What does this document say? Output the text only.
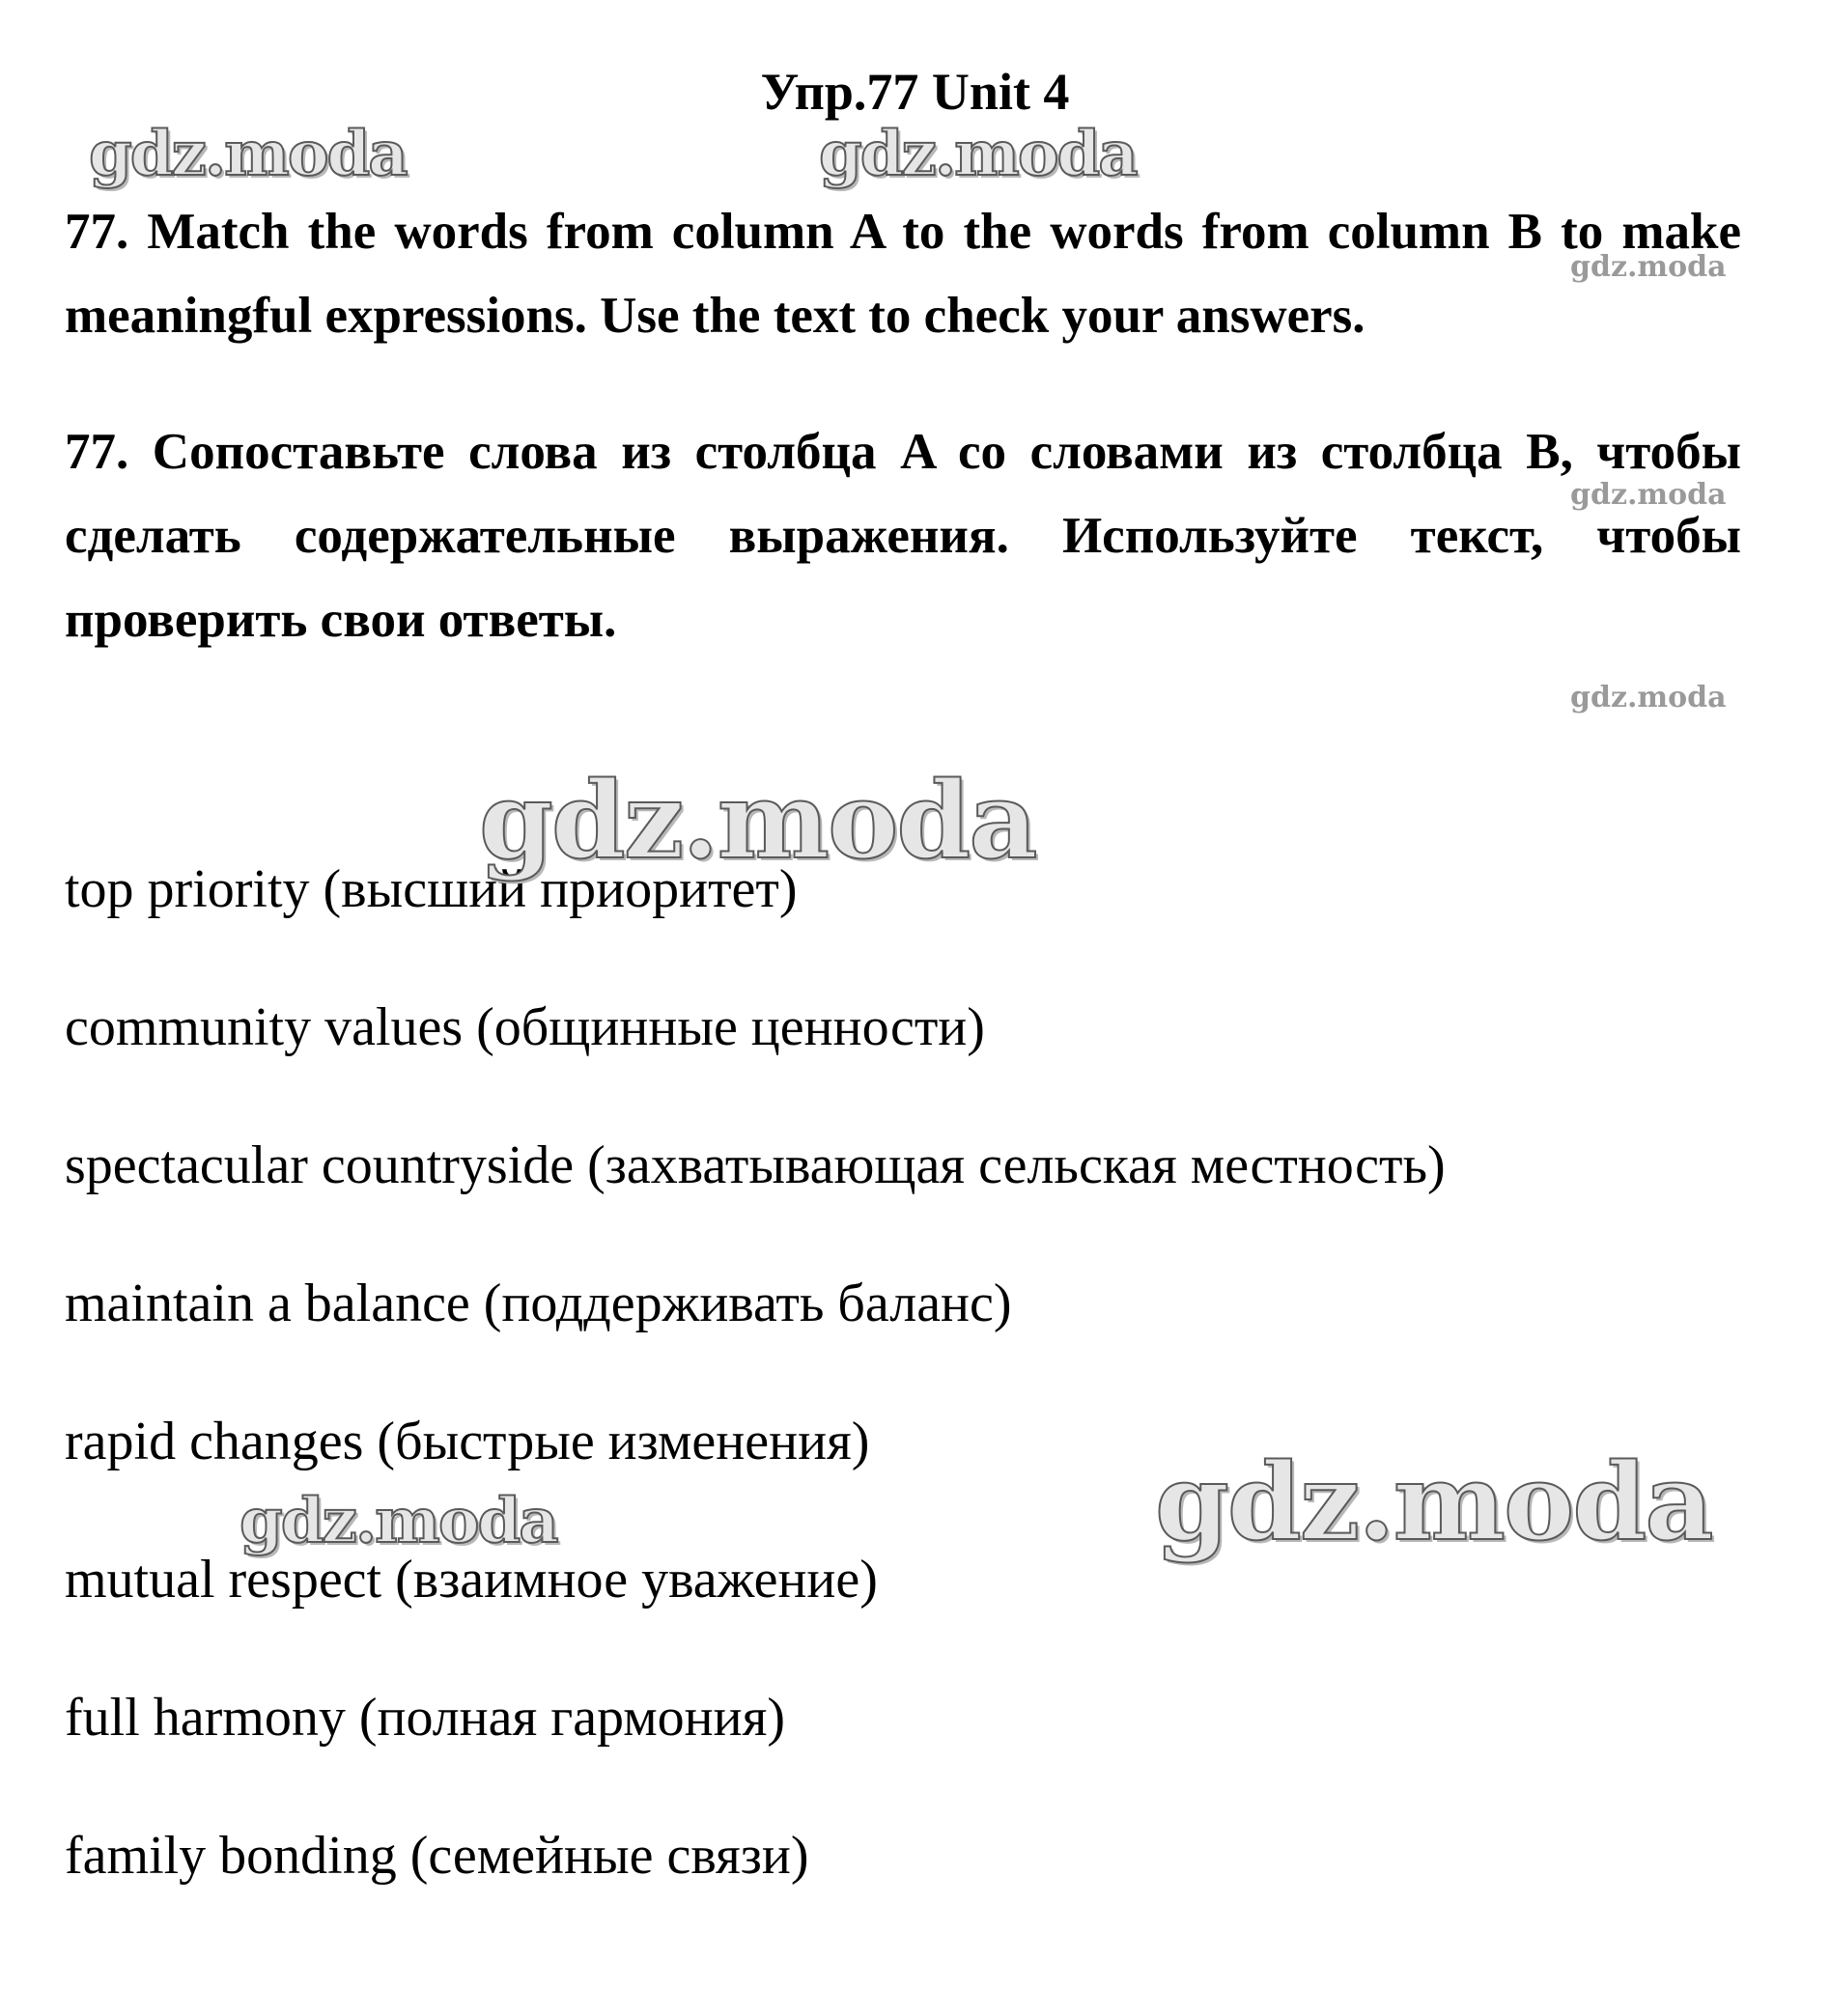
Упр.77 Unit 4

77. Match the words from column A to the words from column B to make meaningful expressions. Use the text to check your answers.

77. Сопоставьте слова из столбца A со словами из столбца B, чтобы сделать содержательные выражения. Используйте текст, чтобы проверить свои ответы.

top priority (высший приоритет)
community values (общинные ценности)
spectacular countryside (захватывающая сельская местность)
maintain a balance (поддерживать баланс)
rapid changes (быстрые изменения)
mutual respect (взаимное уважение)
full harmony (полная гармония)
family bonding (семейные связи)
gdz.moda	gdz.moda
gdz.moda
gdz.moda
gdz.moda
gdz.moda
gdz.moda	gdz.moda
